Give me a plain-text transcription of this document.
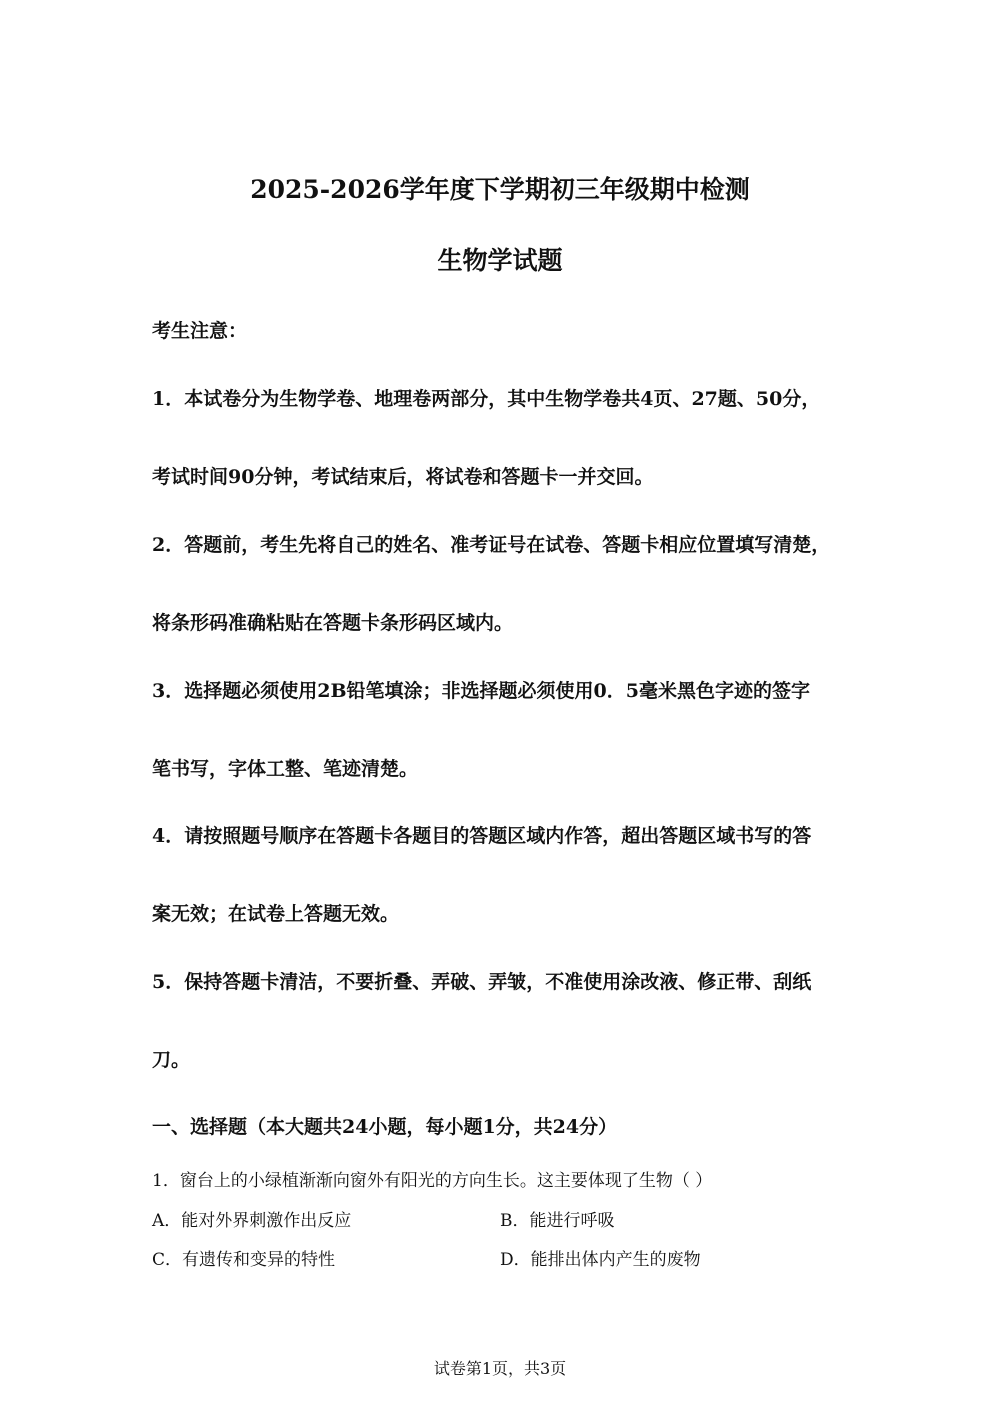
2025-2026学年度下学期初三年级期中检测
生物学试题
考生注意：
1．本试卷分为生物学卷、地理卷两部分，其中生物学卷共4页、27题、50分，
考试时间90分钟，考试结束后，将试卷和答题卡一并交回。
2．答题前，考生先将自己的姓名、准考证号在试卷、答题卡相应位置填写清楚，
将条形码准确粘贴在答题卡条形码区域内。
3．选择题必须使用2B铅笔填涂；非选择题必须使用0．5毫米黑色字迹的签字
笔书写，字体工整、笔迹清楚。
4．请按照题号顺序在答题卡各题目的答题区域内作答，超出答题区域书写的答
案无效；在试卷上答题无效。
5．保持答题卡清洁，不要折叠、弄破、弄皱，不准使用涂改液、修正带、刮纸
刀。
一、选择题（本大题共24小题，每小题1分，共24分）
1．窗台上的小绿植渐渐向窗外有阳光的方向生长。这主要体现了生物（ ）
A．能对外界刺激作出反应	B．能进行呼吸
C．有遗传和变异的特性	D．能排出体内产生的废物
试卷第1页，共3页
